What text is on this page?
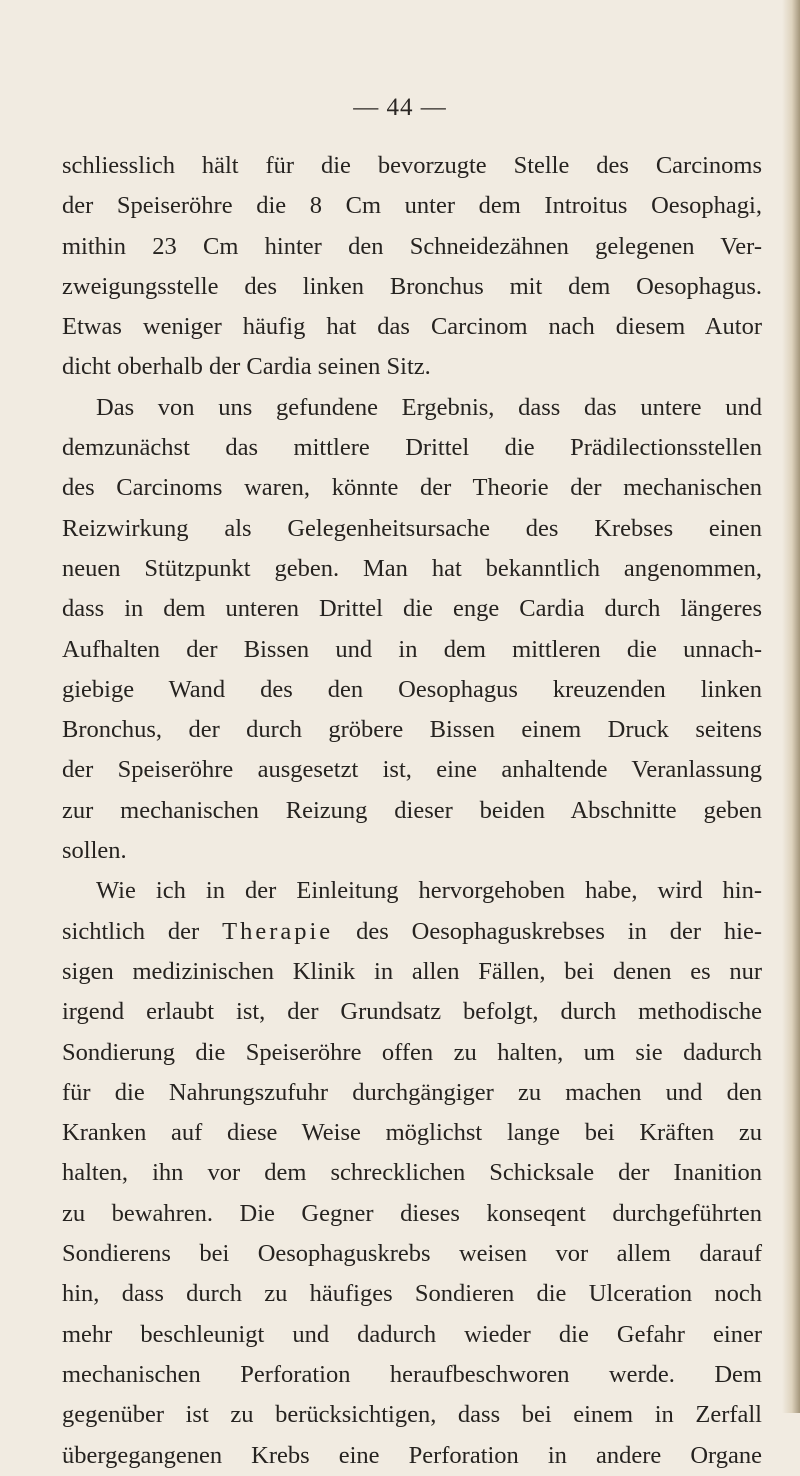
— 44 —
schliesslich hält für die bevorzugte Stelle des Carcinoms
der Speiseröhre die 8 Cm unter dem Introitus Oesophagi,
mithin 23 Cm hinter den Schneidezähnen gelegenen Ver-
zweigungsstelle des linken Bronchus mit dem Oesophagus.
Etwas weniger häufig hat das Carcinom nach diesem Autor
dicht oberhalb der Cardia seinen Sitz.
Das von uns gefundene Ergebnis, dass das untere und
demzunächst das mittlere Drittel die Prädilectionsstellen
des Carcinoms waren, könnte der Theorie der mechanischen
Reizwirkung als Gelegenheitsursache des Krebses einen
neuen Stützpunkt geben. Man hat bekanntlich angenommen,
dass in dem unteren Drittel die enge Cardia durch längeres
Aufhalten der Bissen und in dem mittleren die unnach-
giebige Wand des den Oesophagus kreuzenden linken
Bronchus, der durch gröbere Bissen einem Druck seitens
der Speiseröhre ausgesetzt ist, eine anhaltende Veranlassung
zur mechanischen Reizung dieser beiden Abschnitte geben
sollen.
Wie ich in der Einleitung hervorgehoben habe, wird hin-
sichtlich der Therapie des Oesophaguskrebses in der hie-
sigen medizinischen Klinik in allen Fällen, bei denen es nur
irgend erlaubt ist, der Grundsatz befolgt, durch methodische
Sondierung die Speiseröhre offen zu halten, um sie dadurch
für die Nahrungszufuhr durchgängiger zu machen und den
Kranken auf diese Weise möglichst lange bei Kräften zu
halten, ihn vor dem schrecklichen Schicksale der Inanition
zu bewahren. Die Gegner dieses konseqent durchgeführten
Sondierens bei Oesophaguskrebs weisen vor allem darauf
hin, dass durch zu häufiges Sondieren die Ulceration noch
mehr beschleunigt und dadurch wieder die Gefahr einer
mechanischen Perforation heraufbeschworen werde. Dem
gegenüber ist zu berücksichtigen, dass bei einem in Zerfall
übergegangenen Krebs eine Perforation in andere Organe
